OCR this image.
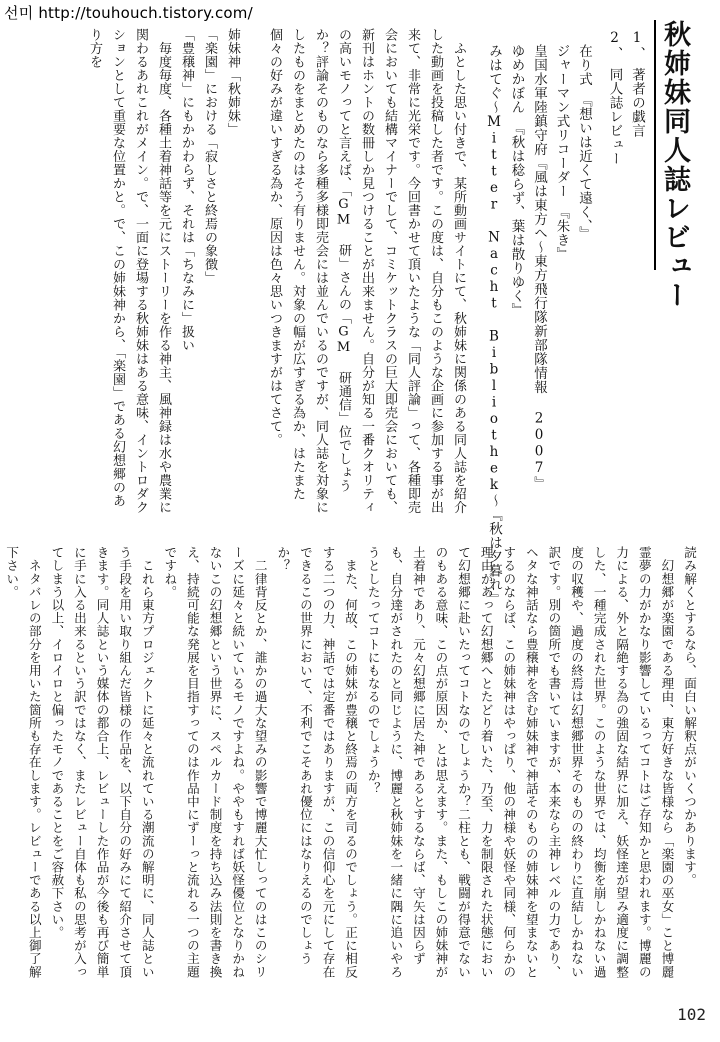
선미 http://touhouch.tistory.com/
秋姉妹同人誌レビュー
1、　著者の戯言
2、　同人誌レビュー
　在り式　『想いは近くて遠く、』
　ジャーマン式リコーダー　『朱き』
　皇国水軍陸鎮守府『風は東方へ〜東方飛行隊新部隊情報 2007』
　ゆめかぼん　『秋は稔らず、葉は散りゆく』
　みはてぐ〜Mitter Nacht Bibliothek〜『秋は夕暮れ』
　ふとした思い付きで、某所動画サイトにて、秋姉妹に関係のある同人誌を紹介した動画を投稿した者です。この度は、自分もこのような企画に参加する事が出来て、非常に光栄です。今回書かせて頂いたような「同人評論」って、各種即売会においても結構マイナーでして、コミケットクラスの巨大即売会においても、新刊はホントの数冊しか見つけることが出来ません。自分が知る一番クオリティの高いモノってと言えば、「GM 研」さんの「GM 研通信」位でしょうか？評論そのものなら多種多様即売会には並んでいるのですが、同人誌を対象にしたものをまとめたのはそう有りません。対象の幅が広すぎる為か、はたまた個々の好みが違いすぎる為か、原因は色々思いつきますがはてさて。
姉妹神「秋姉妹」
「楽園」における「寂しさと終焉の象徴」
「豊穣神」にもかかわらず、それは「ちなみに」扱い
　毎度毎度、各種土着神話等を元にストーリーを作る神主、風神録は水や農業に関わるあれこれがメイン。で、一面に登場する秋姉妹はある意味、イントロダクションとして重要な位置かと。で、この姉妹神から、「楽園」である幻想郷のあり方を
読み解くとするなら、面白い解釈点がいくつかあります。
　幻想郷が楽園である理由、東方好きな皆様なら「楽園の巫女」こと博麗　霊夢の力がかなり影響しているってコトはご存知かと思われます。博麗の力による、外と隔絶する為の強固な結界に加え、妖怪達が望み適度に調整した、一種完成された世界。このような世界では、均衡を崩しかねない過度の収穫や、過度の終焉は幻想郷世界そのものの終わりに直結しかねない訳です。別の箇所でも書いていますが、本来なら主神レベルの力であり、ヘタな神話なら豊穣神を含む姉妹神で神話そのものの姉妹神を望まないとするのならば、この姉妹神はやっぱり、他の神様や妖怪や同様、何らかの理由があって幻想郷へとたどり着いた、乃至、力を制限された状態において幻想郷に赴いたってコトなのでしょうか？二柱とも、戦闘が得意でないのもある意味、この点が原因か、とは思えます。また、もしこの姉妹神が土着神であり、元々幻想郷に居た神であるとするならば、守矢は因らずも、自分達がされたのと同じように、博麗と秋姉妹を一緒に隅に追いやろうとしたってコトにもなるのでしょうか？
　また、何故、この姉妹が豊穣と終焉の両方を司るのでしょう。正に相反する二つの力、神話では定番ではありますが、この信仰心を元にして存在できるこの世界において、不利でこそあれ優位にはなりえるのでしょうか？
　二律背反とか、誰かの過大な望みの影響で博麗大忙しってのはこのシリーズに延々と続いているモノですよね。ややもすれば妖怪優位となりかねないこの幻想郷という世界に、スペルカード制度を持ち込み法則を書き換え、持続可能な発展を目指すってのは作品中にずーっと流れる一つの主題ですね。
　これら東方プロジェクトに延々と流れている潮流の解明に、同人誌という手段を用い取り組んだ皆様の作品を、以下自分の好みにて紹介させて頂きます。同人誌という媒体の都合上、レビューした作品が今後も再び簡単に手に入る出来るという訳ではなく、またレビュー自体も私の思考が入ってしまう以上、イロイロと偏ったモノであることをご容赦下さい。
　ネタバレの部分を用いた箇所も存在します。レビューである以上御了解下さい。

102
